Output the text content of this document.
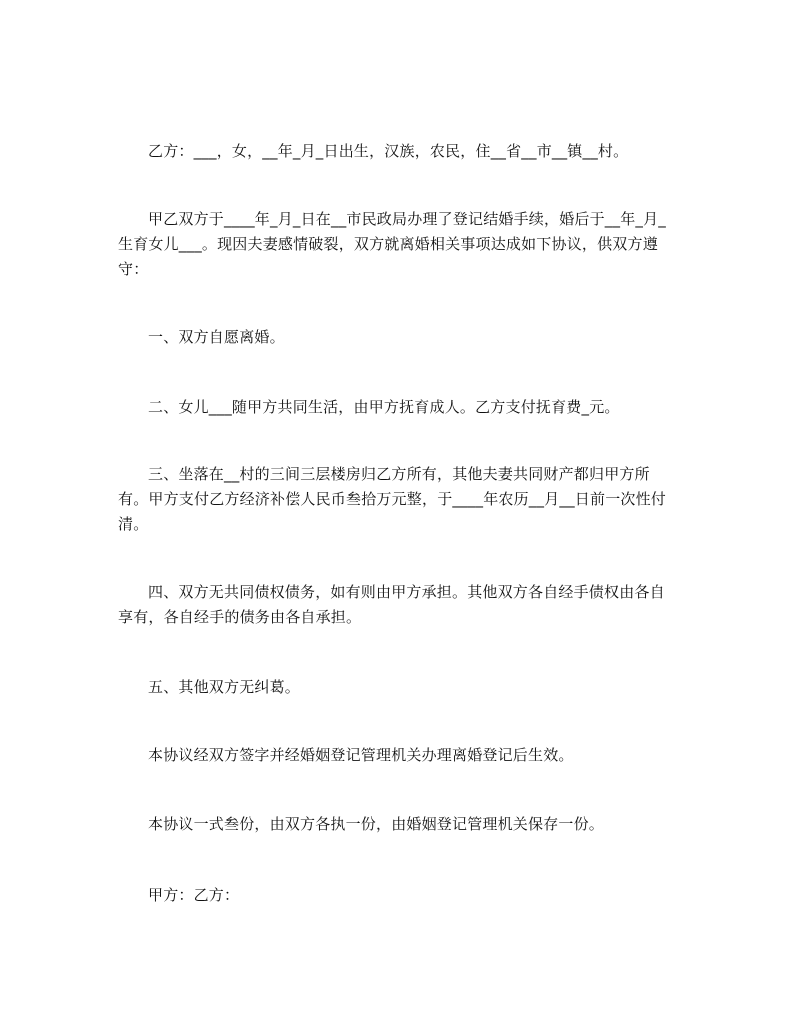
乙方：___，女，__年_月_日出生，汉族，农民，住__省__市__镇__村。

甲乙双方于____年_月_日在__市民政局办理了登记结婚手续，婚后于__年_月_生育女儿___。现因夫妻感情破裂，双方就离婚相关事项达成如下协议，供双方遵守：

一、双方自愿离婚。

二、女儿___随甲方共同生活，由甲方抚育成人。乙方支付抚育费_元。

三、坐落在__村的三间三层楼房归乙方所有，其他夫妻共同财产都归甲方所有。甲方支付乙方经济补偿人民币叁拾万元整，于____年农历__月__日前一次性付清。

四、双方无共同债权债务，如有则由甲方承担。其他双方各自经手债权由各自享有，各自经手的债务由各自承担。

五、其他双方无纠葛。

本协议经双方签字并经婚姻登记管理机关办理离婚登记后生效。

本协议一式叁份，由双方各执一份，由婚姻登记管理机关保存一份。

甲方：乙方：
